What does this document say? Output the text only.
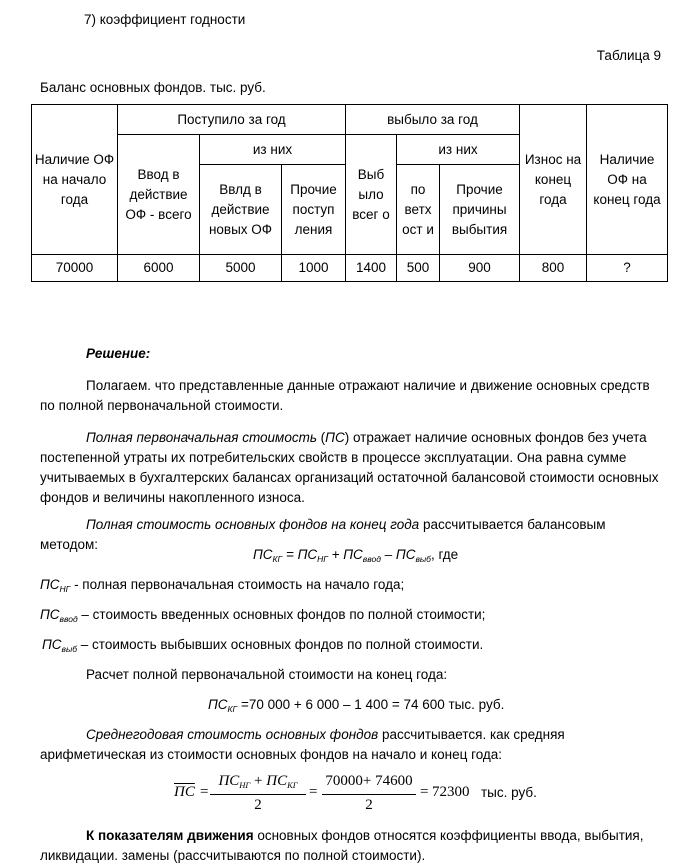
7) коэффициент годности
Таблица 9
Баланс основных фондов. тыс. руб.
Наличие ОФ на начало года	Поступило за год			выбыло за год			Износ на конец года	Наличие ОФ на конец года
	Ввод в действие ОФ - всего	из них		Выб ыло всег о	из них			
		Ввлд в действие новых ОФ	Прочие поступ ления		по ветх ост и	Прочие причины выбытия		
70000	6000	5000	1000	1400	500	900	800	?
Решение:
Полагаем. что представленные данные отражают наличие и движение основных средств по полной первоначальной стоимости.
Полная первоначальная стоимость (ПС) отражает наличие основных фондов без учета постепенной утраты их потребительских свойств в процессе эксплуатации. Она равна сумме учитываемых в бухгалтерских балансах организаций остаточной балансовой стоимости основных фондов и величины накопленного износа.
Полная стоимость основных фондов на конец года рассчитывается балансовым методом:
$ПС_{КГ} = ПС_{НГ} + ПС_{ввод} - ПС_{выб}$, где
$ПС_{НГ}$ - полная первоначальная стоимость на начало года;
$ПС_{ввод}$ – стоимость введенных основных фондов по полной стоимости;
$ПС_{выб}$ – стоимость выбывших основных фондов по полной стоимости.
Расчет полной первоначальной стоимости на конец года:
$ПС_{КГ} =70$ 000 + 6 000 – 1 400 = 74 600 тыс. руб.
Среднегодовая стоимость основных фондов рассчитывается. как средняя арифметическая из стоимости основных фондов на начало и конец года:
ПС =
$ПС_{НГ} + ПС_{КГ}$
2
=
70000+ 74600
2
= 72300 тыс. руб.
К показателям движения основных фондов относятся коэффициенты ввода, выбытия, ликвидации. замены (рассчитываются по полной стоимости).
